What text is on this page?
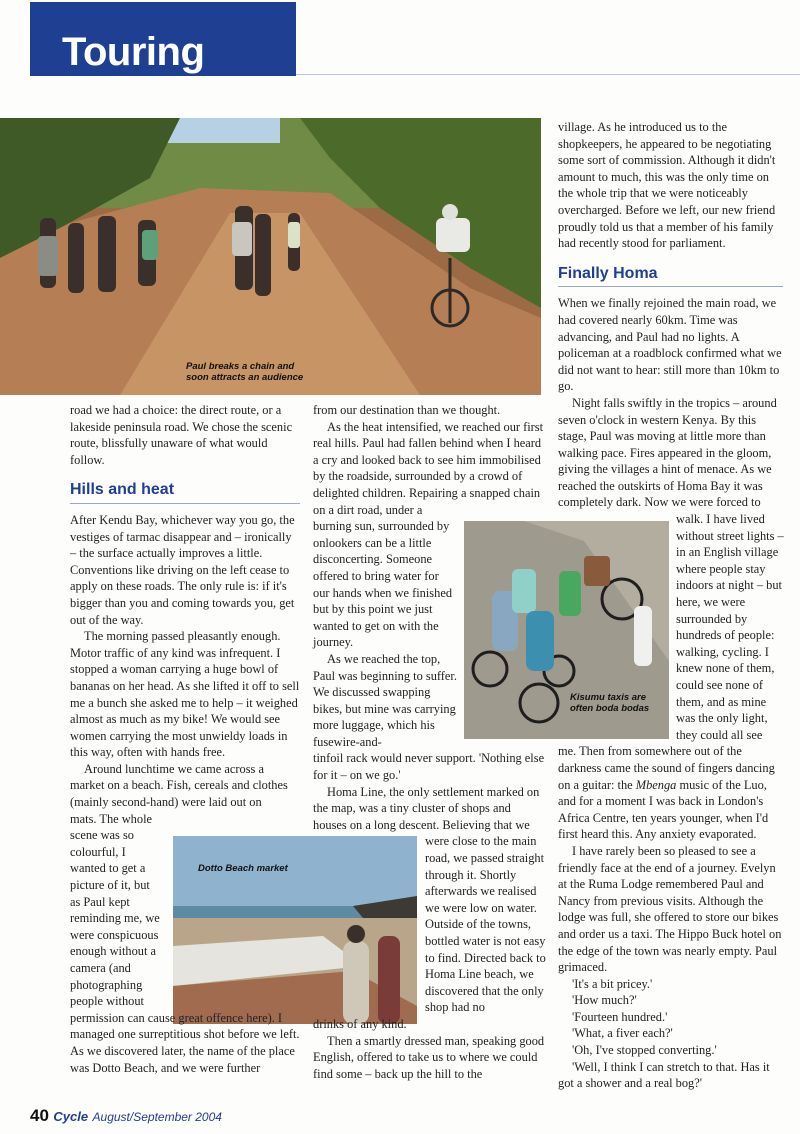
Touring
Paul breaks a chain and soon attracts an audience
Dotto Beach market
Kisumu taxis are often boda bodas

road we had a choice: the direct route, or a lakeside peninsula road. We chose the scenic route, blissfully unaware of what would follow.

Hills and heat

After Kendu Bay, whichever way you go, the vestiges of tarmac disappear and – ironically – the surface actually improves a little. Conventions like driving on the left cease to apply on these roads. The only rule is: if it's bigger than you and coming towards you, get out of the way.

The morning passed pleasantly enough. Motor traffic of any kind was infrequent. I stopped a woman carrying a huge bowl of bananas on her head. As she lifted it off to sell me a bunch she asked me to help – it weighed almost as much as my bike! We would see women carrying the most unwieldy loads in this way, often with hands free.

Around lunchtime we came across a market on a beach. Fish, cereals and clothes (mainly second-hand) were laid out on

mats. The whole scene was so colourful, I wanted to get a picture of it, but as Paul kept reminding me, we were conspicuous enough without a camera (and photographing people without

permission can cause great offence here). I managed one surreptitious shot before we left. As we discovered later, the name of the place was Dotto Beach, and we were further

from our destination than we thought.

As the heat intensified, we reached our first real hills. Paul had fallen behind when I heard a cry and looked back to see him immobilised by the roadside, surrounded by a crowd of delighted children. Repairing a snapped chain on a dirt road, under a

burning sun, surrounded by onlookers can be a little disconcerting. Someone offered to bring water for our hands when we finished but by this point we just wanted to get on with the journey.

As we reached the top, Paul was beginning to suffer. We discussed swapping bikes, but mine was carrying more luggage, which his fusewire-and-

tinfoil rack would never support. 'Nothing else for it – on we go.'

Homa Line, the only settlement marked on the map, was a tiny cluster of shops and houses on a long descent. Believing that we

were close to the main road, we passed straight through it. Shortly afterwards we realised we were low on water. Outside of the towns, bottled water is not easy to find. Directed back to Homa Line beach, we discovered that the only shop had no

drinks of any kind.

Then a smartly dressed man, speaking good English, offered to take us to where we could find some – back up the hill to the

village. As he introduced us to the shopkeepers, he appeared to be negotiating some sort of commission. Although it didn't amount to much, this was the only time on the whole trip that we were noticeably overcharged. Before we left, our new friend proudly told us that a member of his family had recently stood for parliament.

Finally Homa

When we finally rejoined the main road, we had covered nearly 60km. Time was advancing, and Paul had no lights. A policeman at a roadblock confirmed what we did not want to hear: still more than 10km to go.

Night falls swiftly in the tropics – around seven o'clock in western Kenya. By this stage, Paul was moving at little more than walking pace. Fires appeared in the gloom, giving the villages a hint of menace. As we reached the outskirts of Homa Bay it was completely dark. Now we were forced to

walk. I have lived without street lights – in an English village where people stay indoors at night – but here, we were surrounded by hundreds of people: walking, cycling. I knew none of them, could see none of them, and as mine was the only light, they could all see

me. Then from somewhere out of the darkness came the sound of fingers dancing on a guitar: the Mbenga music of the Luo, and for a moment I was back in London's Africa Centre, ten years younger, when I'd first heard this. Any anxiety evaporated.

I have rarely been so pleased to see a friendly face at the end of a journey. Evelyn at the Ruma Lodge remembered Paul and Nancy from previous visits. Although the lodge was full, she offered to store our bikes and order us a taxi. The Hippo Buck hotel on the edge of the town was nearly empty. Paul grimaced.

'It's a bit pricey.'

'How much?'

'Fourteen hundred.'

'What, a fiver each?'

'Oh, I've stopped converting.'

'Well, I think I can stretch to that. Has it got a shower and a real bog?'

40 Cycle August/September 2004
